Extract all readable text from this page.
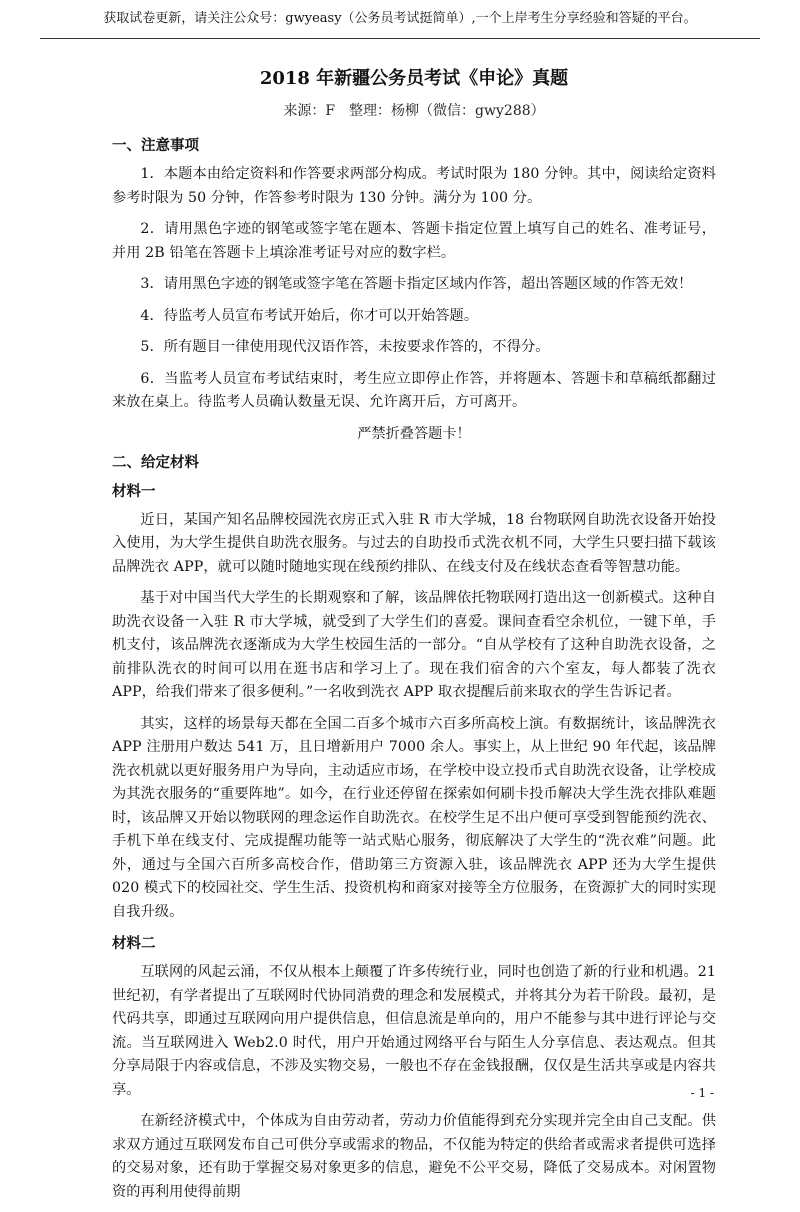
获取试卷更新，请关注公众号：gwyeasy（公务员考试挺简单）,一个上岸考生分享经验和答疑的平台。
2018 年新疆公务员考试《申论》真题
来源：F　整理：杨柳（微信：gwy288）
一、注意事项

1．本题本由给定资料和作答要求两部分构成。考试时限为 180 分钟。其中，阅读给定资料参考时限为 50 分钟，作答参考时限为 130 分钟。满分为 100 分。

2．请用黑色字迹的钢笔或签字笔在题本、答题卡指定位置上填写自己的姓名、准考证号，并用 2B 铅笔在答题卡上填涂准考证号对应的数字栏。

3．请用黑色字迹的钢笔或签字笔在答题卡指定区域内作答，超出答题区域的作答无效！

4．待监考人员宣布考试开始后，你才可以开始答题。

5．所有题目一律使用现代汉语作答，未按要求作答的，不得分。

6．当监考人员宣布考试结束时，考生应立即停止作答，并将题本、答题卡和草稿纸都翻过来放在桌上。待监考人员确认数量无误、允许离开后，方可离开。

严禁折叠答题卡！
二、给定材料
材料一

近日，某国产知名品牌校园洗衣房正式入驻 R 市大学城，18 台物联网自助洗衣设备开始投入使用，为大学生提供自助洗衣服务。与过去的自助投币式洗衣机不同，大学生只要扫描下载该品牌洗衣 APP，就可以随时随地实现在线预约排队、在线支付及在线状态查看等智慧功能。

基于对中国当代大学生的长期观察和了解，该品牌依托物联网打造出这一创新模式。这种自助洗衣设备一入驻 R 市大学城，就受到了大学生们的喜爱。课间查看空余机位，一键下单，手机支付，该品牌洗衣逐渐成为大学生校园生活的一部分。“自从学校有了这种自助洗衣设备，之前排队洗衣的时间可以用在逛书店和学习上了。现在我们宿舍的六个室友，每人都装了洗衣 APP，给我们带来了很多便利。”一名收到洗衣 APP 取衣提醒后前来取衣的学生告诉记者。

其实，这样的场景每天都在全国二百多个城市六百多所高校上演。有数据统计，该品牌洗衣 APP 注册用户数达 541 万，且日增新用户 7000 余人。事实上，从上世纪 90 年代起，该品牌洗衣机就以更好服务用户为导向，主动适应市场，在学校中设立投币式自助洗衣设备，让学校成为其洗衣服务的“重要阵地”。如今，在行业还停留在探索如何刷卡投币解决大学生洗衣排队难题时，该品牌又开始以物联网的理念运作自助洗衣。在校学生足不出户便可享受到智能预约洗衣、手机下单在线支付、完成提醒功能等一站式贴心服务，彻底解决了大学生的“洗衣难”问题。此外，通过与全国六百所多高校合作，借助第三方资源入驻，该品牌洗衣 APP 还为大学生提供 020 模式下的校园社交、学生生活、投资机构和商家对接等全方位服务，在资源扩大的同时实现自我升级。

材料二

互联网的风起云涌，不仅从根本上颠覆了许多传统行业，同时也创造了新的行业和机遇。21 世纪初，有学者提出了互联网时代协同消费的理念和发展模式，并将其分为若干阶段。最初，是代码共享，即通过互联网向用户提供信息，但信息流是单向的，用户不能参与其中进行评论与交流。当互联网进入 Web2.0 时代，用户开始通过网络平台与陌生人分享信息、表达观点。但其分享局限于内容或信息，不涉及实物交易，一般也不存在金钱报酬，仅仅是生活共享或是内容共享。

在新经济模式中，个体成为自由劳动者，劳动力价值能得到充分实现并完全由自己支配。供求双方通过互联网发布自己可供分享或需求的物品，不仅能为特定的供给者或需求者提供可选择的交易对象，还有助于掌握交易对象更多的信息，避免不公平交易，降低了交易成本。对闲置物资的再利用使得前期

- 1 -
